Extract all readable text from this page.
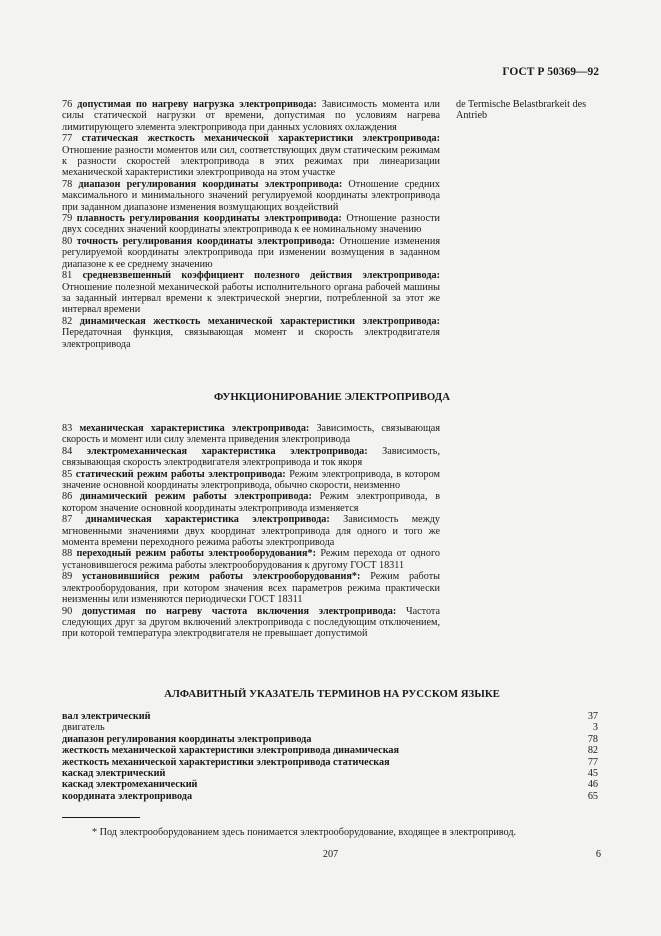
ГОСТ Р 50369—92

76 допустимая по нагреву нагрузка электропривода: Зависимость момента или силы статической нагрузки от времени, допустимая по условиям нагрева лимитирующего элемента электропривода при данных условиях охлаждения

77 статическая жесткость механической характеристики электропривода: Отношение разности моментов или сил, соответствующих двум статическим режимам к разности скоростей электропривода в этих режимах при линеаризации механической характеристики электропривода на этом участке

78 диапазон регулирования координаты электропривода: Отношение средних максимального и минимального значений регулируемой координаты электропривода при заданном диапазоне изменения возмущающих воздействий

79 плавность регулирования координаты электропривода: Отношение разности двух соседних значений координаты электропривода к ее номинальному значению

80 точность регулирования координаты электропривода: Отношение изменения регулируемой координаты электропривода при изменении возмущения в заданном диапазоне к ее среднему значению

81 средневзвешенный коэффициент полезного действия электропривода: Отношение полезной механической работы исполнительного органа рабочей машины за заданный интервал времени к электрической энергии, потребленной за этот же интервал времени

82 динамическая жесткость механической характеристики электропривода: Передаточная функция, связывающая момент и скорость электродвигателя электропривода

de Termische Belastbrarkeit des Antrieb
ФУНКЦИОНИРОВАНИЕ ЭЛЕКТРОПРИВОДА

83 механическая характеристика электропривода: Зависимость, связывающая скорость и момент или силу элемента приведения электропривода

84 электромеханическая характеристика электропривода: Зависимость, связывающая скорость электродвигателя электропривода и ток якоря

85 статический режим работы электропривода: Режим электропривода, в котором значение основной координаты электропривода, обычно скорости, неизменно

86 динамический режим работы электропривода: Режим электропривода, в котором значение основной координаты электропривода изменяется

87 динамическая характеристика электропривода: Зависимость между мгновенными значениями двух координат электропривода для одного и того же момента времени переходного режима работы электропривода

88 переходный режим работы электрооборудования*: Режим перехода от одного установившегося режима работы электрооборудования к другому ГОСТ 18311

89 установившийся режим работы электрооборудования*: Режим работы электрооборудования, при котором значения всех параметров режима практически неизменны или изменяются периодически ГОСТ 18311

90 допустимая по нагреву частота включения электропривода: Частота следующих друг за другом включений электропривода с последующим отключением, при которой температура электродвигателя не превышает допустимой

АЛФАВИТНЫЙ УКАЗАТЕЛЬ ТЕРМИНОВ НА РУССКОМ ЯЗЫКЕ
вал электрический	37
двигатель	3
диапазон регулирования координаты электропривода	78
жесткость механической характеристики электропривода динамическая	82
жесткость механической характеристики электропривода статическая	77
каскад электрический	45
каскад электромеханический	46
координата электропривода	65
* Под электрооборудованием здесь понимается электрооборудование, входящее в электропривод.
207	6
